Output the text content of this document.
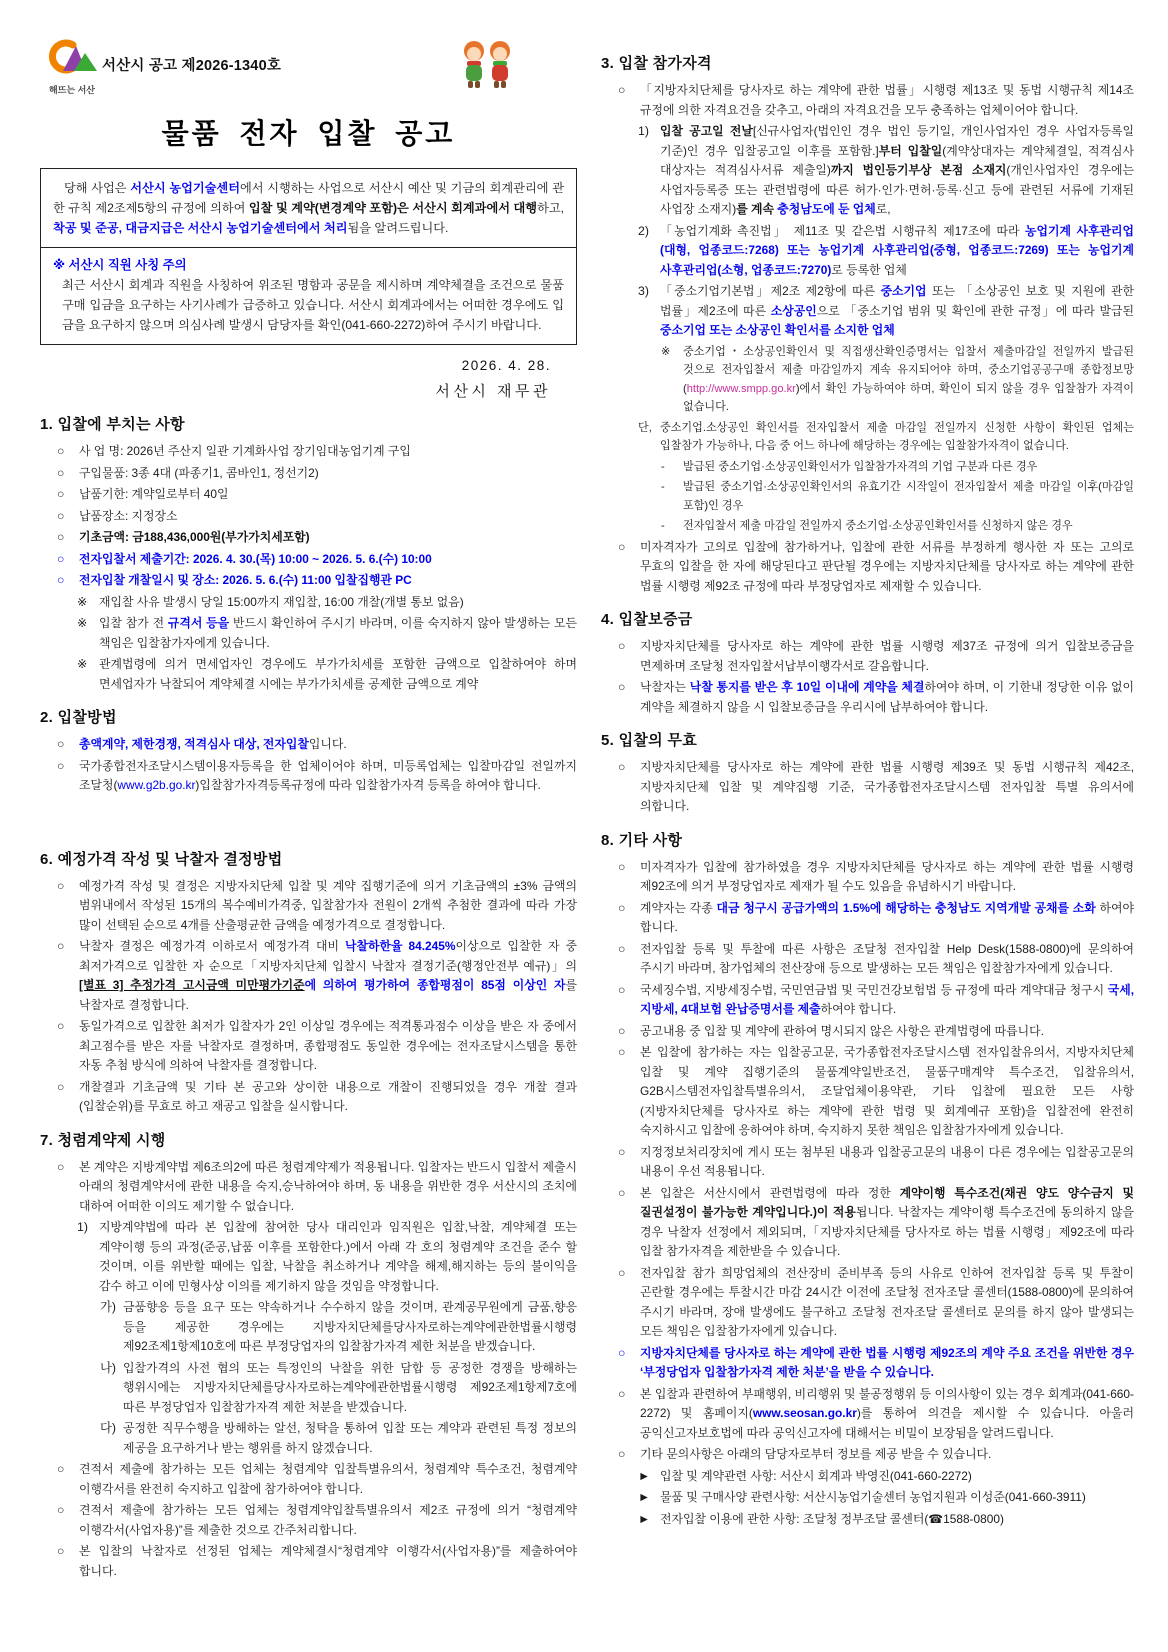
해뜨는 서산
서산시 공고 제2026-1340호
물품 전자 입찰 공고

당해 사업은 서산시 농업기술센터에서 시행하는 사업으로 서산시 예산 및 기금의 회계관리에 관한 규칙 제2조제5항의 규정에 의하여 입찰 및 계약(변경계약 포함)은 서산시 회계과에서 대행하고, 착공 및 준공, 대금지급은 서산시 농업기술센터에서 처리됨을 알려드립니다.

※ 서산시 직원 사칭 주의

최근 서산시 회계과 직원을 사칭하여 위조된 명함과 공문을 제시하며 계약체결을 조건으로 물품구매 입금을 요구하는 사기사례가 급증하고 있습니다. 서산시 회계과에서는 어떠한 경우에도 입금을 요구하지 않으며 의심사례 발생시 담당자를 확인(041-660-2272)하여 주시기 바랍니다.

2026. 4. 28.
서산시 재무관
1. 입찰에 부치는 사항
○	사 업 명: 2026년 주산지 일관 기계화사업 장기임대농업기계 구입
○	구입물품: 3종 4대 (파종기1, 콤바인1, 정선기2)
○	납품기한: 계약일로부터 40일
○	납품장소: 지정장소
○	기초금액: 금188,436,000원(부가가치세포함)
○	전자입찰서 제출기간: 2026. 4. 30.(목) 10:00 ~ 2026. 5. 6.(수) 10:00
○	전자입찰 개찰일시 및 장소: 2026. 5. 6.(수) 11:00 입찰집행관 PC
※ 재입찰 사유 발생시 당일 15:00까지 재입찰, 16:00 개찰(개별 통보 없음)
※ 입찰 참가 전 규격서 등을 반드시 확인하여 주시기 바라며, 이를 숙지하지 않아 발생하는 모든 책임은 입찰참가자에게 있습니다.
※ 관계법령에 의거 면세업자인 경우에도 부가가치세를 포함한 금액으로 입찰하여야 하며 면세업자가 낙찰되어 계약체결 시에는 부가가치세를 공제한 금액으로 계약
2. 입찰방법
○	총액계약, 제한경쟁, 적격심사 대상, 전자입찰입니다.
○	국가종합전자조달시스템이용자등록을 한 업체이어야 하며, 미등록업체는 입찰마감일 전일까지 조달청(www.g2b.go.kr)입찰참가자격등록규정에 따라 입찰참가자격 등록을 하여야 합니다.
6. 예정가격 작성 및 낙찰자 결정방법
○	예정가격 작성 및 결정은 지방자치단체 입찰 및 계약 집행기준에 의거 기초금액의 ±3% 금액의 범위내에서 작성된 15개의 복수예비가격중, 입찰참가자 전원이 2개씩 추첨한 결과에 따라 가장 많이 선택된 순으로 4개를 산출평균한 금액을 예정가격으로 결정합니다.
○	낙찰자 결정은 예정가격 이하로서 예정가격 대비 낙찰하한율 84.245%이상으로 입찰한 자 중 최저가격으로 입찰한 자 순으로「지방자치단체 입찰시 낙찰자 결정기준(행정안전부 예규)」의 [별표 3] 추정가격 고시금액 미만평가기준에 의하여 평가하여 종합평점이 85점 이상인 자를 낙찰자로 결정합니다.
○	동일가격으로 입찰한 최저가 입찰자가 2인 이상일 경우에는 적격통과점수 이상을 받은 자 중에서 최고점수를 받은 자를 낙찰자로 결정하며, 종합평점도 동일한 경우에는 전자조달시스템을 통한 자동 추첨 방식에 의하여 낙찰자를 결정합니다.
○	개찰결과 기초금액 및 기타 본 공고와 상이한 내용으로 개찰이 진행되었을 경우 개찰 결과(입찰순위)를 무효로 하고 재공고 입찰을 실시합니다.
7. 청렴계약제 시행
○	본 계약은 지방계약법 제6조의2에 따른 청렴계약제가 적용됩니다. 입찰자는 반드시 입찰서 제출시 아래의 청렴계약서에 관한 내용을 숙지,승낙하여야 하며, 동 내용을 위반한 경우 서산시의 조치에 대하여 어떠한 이의도 제기할 수 없습니다.
1) 지방계약법에 따라 본 입찰에 참여한 당사 대리인과 임직원은 입찰,낙찰, 계약체결 또는 계약이행 등의 과정(준공,납품 이후를 포함한다.)에서 아래 각 호의 청렴계약 조건을 준수 할 것이며, 이를 위반할 때에는 입찰, 낙찰을 취소하거나 계약을 해제,해지하는 등의 불이익을 감수 하고 이에 민형사상 이의를 제기하지 않을 것임을 약정합니다.
가) 금품향응 등을 요구 또는 약속하거나 수수하지 않을 것이며, 관계공무원에게 금품,향응 등을 제공한 경우에는 지방자치단체를당사자로하는계약에관한법률시행령 제92조제1항제10호에 따른 부정당업자의 입찰참가자격 제한 처분을 받겠습니다.
나) 입찰가격의 사전 협의 또는 특정인의 낙찰을 위한 담합 등 공정한 경쟁을 방해하는 행위시에는 지방자치단체를당사자로하는계약에관한법률시행령 제92조제1항제7호에 따른 부정당업자 입찰참가자격 제한 처분을 받겠습니다.
다) 공정한 직무수행을 방해하는 알선, 청탁을 통하여 입찰 또는 계약과 관련된 특정 정보의 제공을 요구하거나 받는 행위를 하지 않겠습니다.
○	견적서 제출에 참가하는 모든 업체는 청렴계약 입찰특별유의서, 청렴계약 특수조건, 청렴계약 이행각서를 완전히 숙지하고 입찰에 참가하여야 합니다.
○	견적서 제출에 참가하는 모든 업체는 청렴계약입찰특별유의서 제2조 규정에 의거 “청렴계약 이행각서(사업자용)”를 제출한 것으로 간주처리합니다.
○	본 입찰의 낙찰자로 선정된 업체는 계약체결시“청렴계약 이행각서(사업자용)”를 제출하여야 합니다.
3. 입찰 참가자격
○	「지방자치단체를 당사자로 하는 계약에 관한 법률」시행령 제13조 및 동법 시행규칙 제14조 규정에 의한 자격요건을 갖추고, 아래의 자격요건을 모두 충족하는 업체이어야 합니다.
1) 입찰 공고일 전날[신규사업자(법인인 경우 법인 등기일, 개인사업자인 경우 사업자등록일 기준)인 경우 입찰공고일 이후를 포함함.]부터 입찰일(계약상대자는 계약체결일, 적격심사 대상자는 적격심사서류 제출일)까지 법인등기부상 본점 소재지(개인사업자인 경우에는 사업자등록증 또는 관련법령에 따른 허가·인가·면허·등록·신고 등에 관련된 서류에 기재된 사업장 소재지)를 계속 충청남도에 둔 업체로,
2) 「농업기계화 촉진법」 제11조 및 같은법 시행규칙 제17조에 따라 농업기계 사후관리업(대형, 업종코드:7268) 또는 농업기계 사후관리업(중형, 업종코드:7269) 또는 농업기계 사후관리업(소형, 업종코드:7270)로 등록한 업체
3) 「중소기업기본법」제2조 제2항에 따른 중소기업 또는 「소상공인 보호 및 지원에 관한 법률」제2조에 따른 소상공인으로 「중소기업 범위 및 확인에 관한 규정」에 따라 발급된 중소기업 또는 소상공인 확인서를 소지한 업체
※	중소기업・소상공인확인서 및 직접생산확인증명서는 입찰서 제출마감일 전일까지 발급된 것으로 전자입찰서 제출 마감일까지 계속 유지되어야 하며, 중소기업공공구매 종합정보망(http://www.smpp.go.kr)에서 확인 가능하여야 하며, 확인이 되지 않을 경우 입찰참가 자격이 없습니다.
단, 중소기업.소상공인 확인서를 전자입찰서 제출 마감일 전일까지 신청한 사항이 확인된 업체는 입찰참가 가능하나, 다음 중 어느 하나에 해당하는 경우에는 입찰참가자격이 없습니다.
-	발급된 중소기업·소상공인확인서가 입찰참가자격의 기업 구분과 다른 경우
-	발급된 중소기업·소상공인확인서의 유효기간 시작일이 전자입찰서 제출 마감일 이후(마감일 포함)인 경우
-	전자입찰서 제출 마감일 전일까지 중소기업·소상공인확인서를 신청하지 않은 경우
○	미자격자가 고의로 입찰에 참가하거나, 입찰에 관한 서류를 부정하게 행사한 자 또는 고의로 무효의 입찰을 한 자에 해당된다고 판단될 경우에는 지방자치단체를 당사자로 하는 계약에 관한 법률 시행령 제92조 규정에 따라 부정당업자로 제재할 수 있습니다.
4. 입찰보증금
○	지방자치단체를 당사자로 하는 계약에 관한 법률 시행령 제37조 규정에 의거 입찰보증금을 면제하며 조달청 전자입찰서납부이행각서로 갈음합니다.
○	낙찰자는 낙찰 통지를 받은 후 10일 이내에 계약을 체결하여야 하며, 이 기한내 정당한 이유 없이 계약을 체결하지 않을 시 입찰보증금을 우리시에 납부하여야 합니다.
5. 입찰의 무효
○	지방자치단체를 당사자로 하는 계약에 관한 법률 시행령 제39조 및 동법 시행규칙 제42조, 지방자치단체 입찰 및 계약집행 기준, 국가종합전자조달시스템 전자입찰 특별 유의서에 의합니다.
8. 기타 사항
○	미자격자가 입찰에 참가하였을 경우 지방자치단체를 당사자로 하는 계약에 관한 법률 시행령 제92조에 의거 부정당업자로 제재가 될 수도 있음을 유념하시기 바랍니다.
○	계약자는 각종 대금 청구시 공급가액의 1.5%에 해당하는 충청남도 지역개발 공채를 소화 하여야 합니다.
○	전자입찰 등록 및 투찰에 따른 사항은 조달청 전자입찰 Help Desk(1588-0800)에 문의하여 주시기 바라며, 참가업체의 전산장애 등으로 발생하는 모든 책임은 입찰참가자에게 있습니다.
○	국세징수법, 지방세징수법, 국민연금법 및 국민건강보험법 등 규정에 따라 계약대금 청구시 국세, 지방세, 4대보험 완납증명서를 제출하여야 합니다.
○	공고내용 중 입찰 및 계약에 관하여 명시되지 않은 사항은 관계법령에 따릅니다.
○	본 입찰에 참가하는 자는 입찰공고문, 국가종합전자조달시스템 전자입찰유의서, 지방자치단체 입찰 및 계약 집행기준의 물품계약일반조건, 물품구매계약 특수조건, 입찰유의서, G2B시스템전자입찰특별유의서, 조달업체이용약관, 기타 입찰에 필요한 모든 사항(지방자치단체를 당사자로 하는 계약에 관한 법령 및 회계예규 포함)을 입찰전에 완전히 숙지하시고 입찰에 응하여야 하며, 숙지하지 못한 책임은 입찰참가자에게 있습니다.
○	지정정보처리장치에 게시 또는 첨부된 내용과 입찰공고문의 내용이 다른 경우에는 입찰공고문의 내용이 우선 적용됩니다.
○	본 입찰은 서산시에서 관련법령에 따라 정한 계약이행 특수조건(채권 양도 양수금지 및 질권설정이 불가능한 계약입니다.)이 적용됩니다. 낙찰자는 계약이행 특수조건에 동의하지 않을 경우 낙찰자 선정에서 제외되며,「지방자치단체를 당사자로 하는 법률 시행령」제92조에 따라 입찰 참가자격을 제한받을 수 있습니다.
○	전자입찰 참가 희망업체의 전산장비 준비부족 등의 사유로 인하여 전자입찰 등록 및 투찰이 곤란할 경우에는 투찰시간 마감 24시간 이전에 조달청 전자조달 콜센터(1588-0800)에 문의하여 주시기 바라며, 장애 발생에도 불구하고 조달청 전자조달 콜센터로 문의를 하지 않아 발생되는 모든 책임은 입찰참가자에게 있습니다.
○	지방자치단체를 당사자로 하는 계약에 관한 법률 시행령 제92조의 계약 주요 조건을 위반한 경우 ‘부정당업자 입찰참가자격 제한 처분’을 받을 수 있습니다.
○	본 입찰과 관련하여 부패행위, 비리행위 및 불공정행위 등 이의사항이 있는 경우 회계과(041-660-2272) 및 홈페이지(www.seosan.go.kr)를 통하여 의견을 제시할 수 있습니다. 아울러 공익신고자보호법에 따라 공익신고자에 대해서는 비밀이 보장됨을 알려드립니다.
○	기타 문의사항은 아래의 담당자로부터 정보를 제공 받을 수 있습니다.
► 입찰 및 계약관련 사항: 서산시 회계과 박영진(041-660-2272)
► 물품 및 구매사양 관련사항: 서산시농업기술센터 농업지원과 이성준(041-660-3911)
► 전자입찰 이용에 관한 사항: 조달청 정부조달 콜센터(☎1588-0800)
